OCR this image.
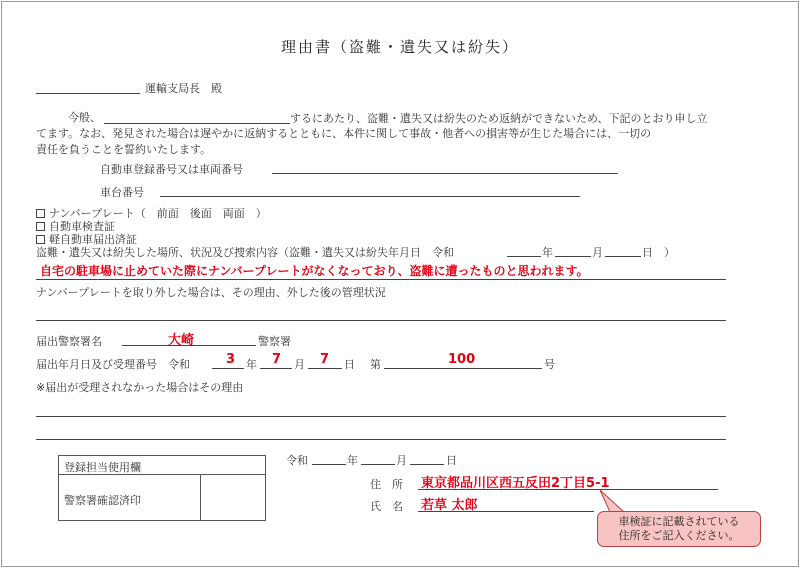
理由書（盗難・遺失又は紛失）
運輸支局長　殿
今般、
てます。なお、発見された場合は遅やかに返納するとともに、本件に関して事故・他者への損害等が生じた場合には、一切の
責任を負うことを誓約いたします。
するにあたり、盗難・遺失又は紛失のため返納ができないため、下記のとおり申し立
自動車登録番号又は車両番号
車台番号
ナンバープレート（　前面　後面　両面　）
自動車検査証
軽自動車届出済証
盗難・遺失又は紛失した場所、状況及び捜索内容（盗難・遺失又は紛失年月日　令和	年	月	日　）
自宅の駐車場に止めていた際にナンバープレートがなくなっており、盗難に遭ったものと思われます。
ナンバープレートを取り外した場合は、その理由、外した後の管理状況
届出警察署名	大崎	警察署
届出年月日及び受理番号　令和	3 年 7 月 7 日 第	100	号
※届出が受理されなかった場合はその理由
登録担当使用欄
警察署確認済印
令和	年	月	日
住　所 東京都品川区西五反田2丁目5-1
氏　名 若草 太郎
車検証に記載されている
住所をご記入ください。
